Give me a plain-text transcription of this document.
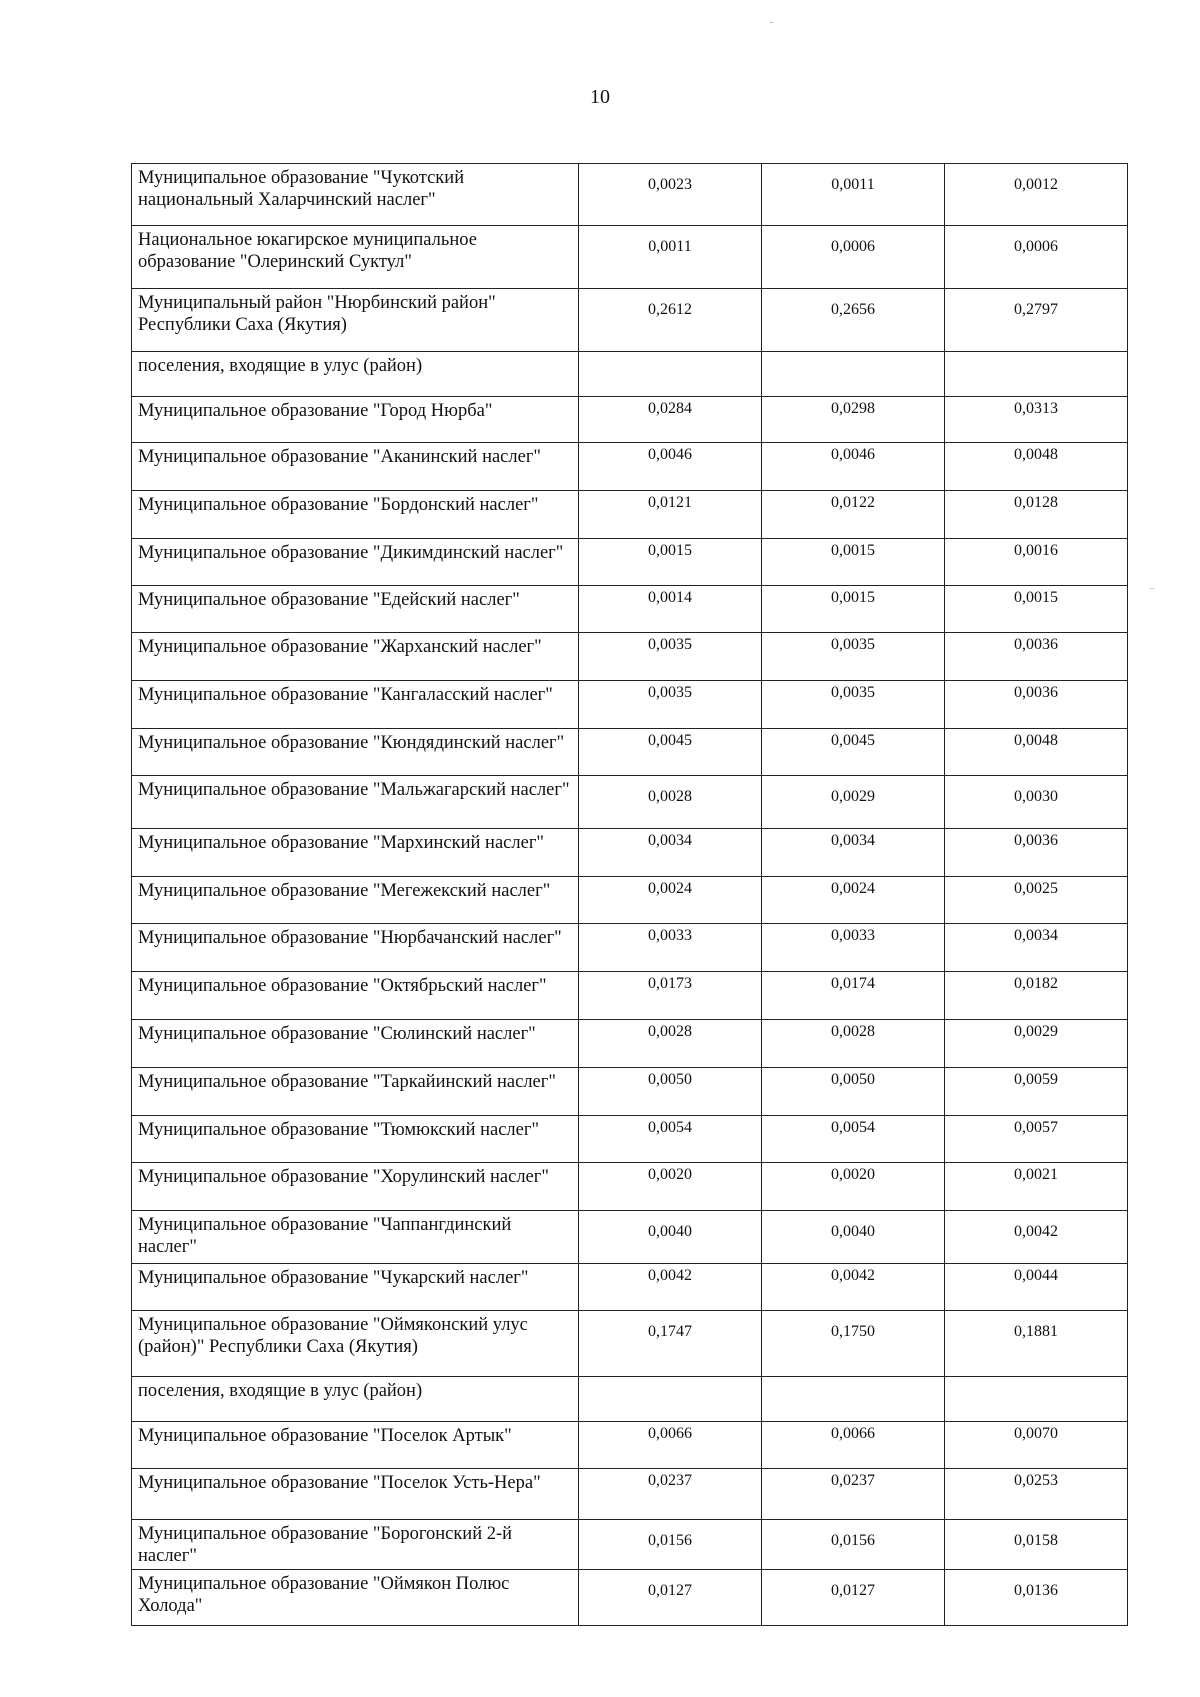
10
Муниципальное образование "Чукотский национальный Халарчинский наслег"	0,0023	0,0011	0,0012

Национальное юкагирское муниципальное образование "Олеринский Суктул"	0,0011	0,0006	0,0006

Муниципальный район "Нюрбинский район" Республики Саха (Якутия)	0,2612	0,2656	0,2797

поселения, входящие в улус (район)	

Муниципальное образование "Город Нюрба"	0,0284	0,0298	0,0313

Муниципальное образование "Аканинский наслег"	0,0046	0,0046	0,0048

Муниципальное образование "Бордонский наслег"	0,0121	0,0122	0,0128

Муниципальное образование "Дикимдинский наслег"	0,0015	0,0015	0,0016

Муниципальное образование "Едейский наслег"	0,0014	0,0015	0,0015

Муниципальное образование "Жарханский наслег"	0,0035	0,0035	0,0036

Муниципальное образование "Кангаласский наслег"	0,0035	0,0035	0,0036

Муниципальное образование "Кюндядинский наслег"	0,0045	0,0045	0,0048

Муниципальное образование "Мальжагарский наслег"	0,0028	0,0029	0,0030

Муниципальное образование "Мархинский наслег"	0,0034	0,0034	0,0036

Муниципальное образование "Мегежекский наслег"	0,0024	0,0024	0,0025

Муниципальное образование "Нюрбачанский наслег"	0,0033	0,0033	0,0034

Муниципальное образование "Октябрьский наслег"	0,0173	0,0174	0,0182

Муниципальное образование "Сюлинский наслег"	0,0028	0,0028	0,0029

Муниципальное образование "Таркайинский наслег"	0,0050	0,0050	0,0059

Муниципальное образование "Тюмюкский наслег"	0,0054	0,0054	0,0057

Муниципальное образование "Хорулинский наслег"	0,0020	0,0020	0,0021

Муниципальное образование "Чаппангдинский наслег"	0,0040	0,0040	0,0042

Муниципальное образование "Чукарский наслег"	0,0042	0,0042	0,0044

Муниципальное образование "Оймяконский улус (район)" Республики Саха (Якутия)	0,1747	0,1750	0,1881

поселения, входящие в улус (район)	

Муниципальное образование "Поселок Артык"	0,0066	0,0066	0,0070

Муниципальное образование "Поселок Усть-Нера"	0,0237	0,0237	0,0253

Муниципальное образование "Борогонский 2-й наслег"	0,0156	0,0156	0,0158

Муниципальное образование "Оймякон Полюс Холода"	0,0127	0,0127	0,0136
